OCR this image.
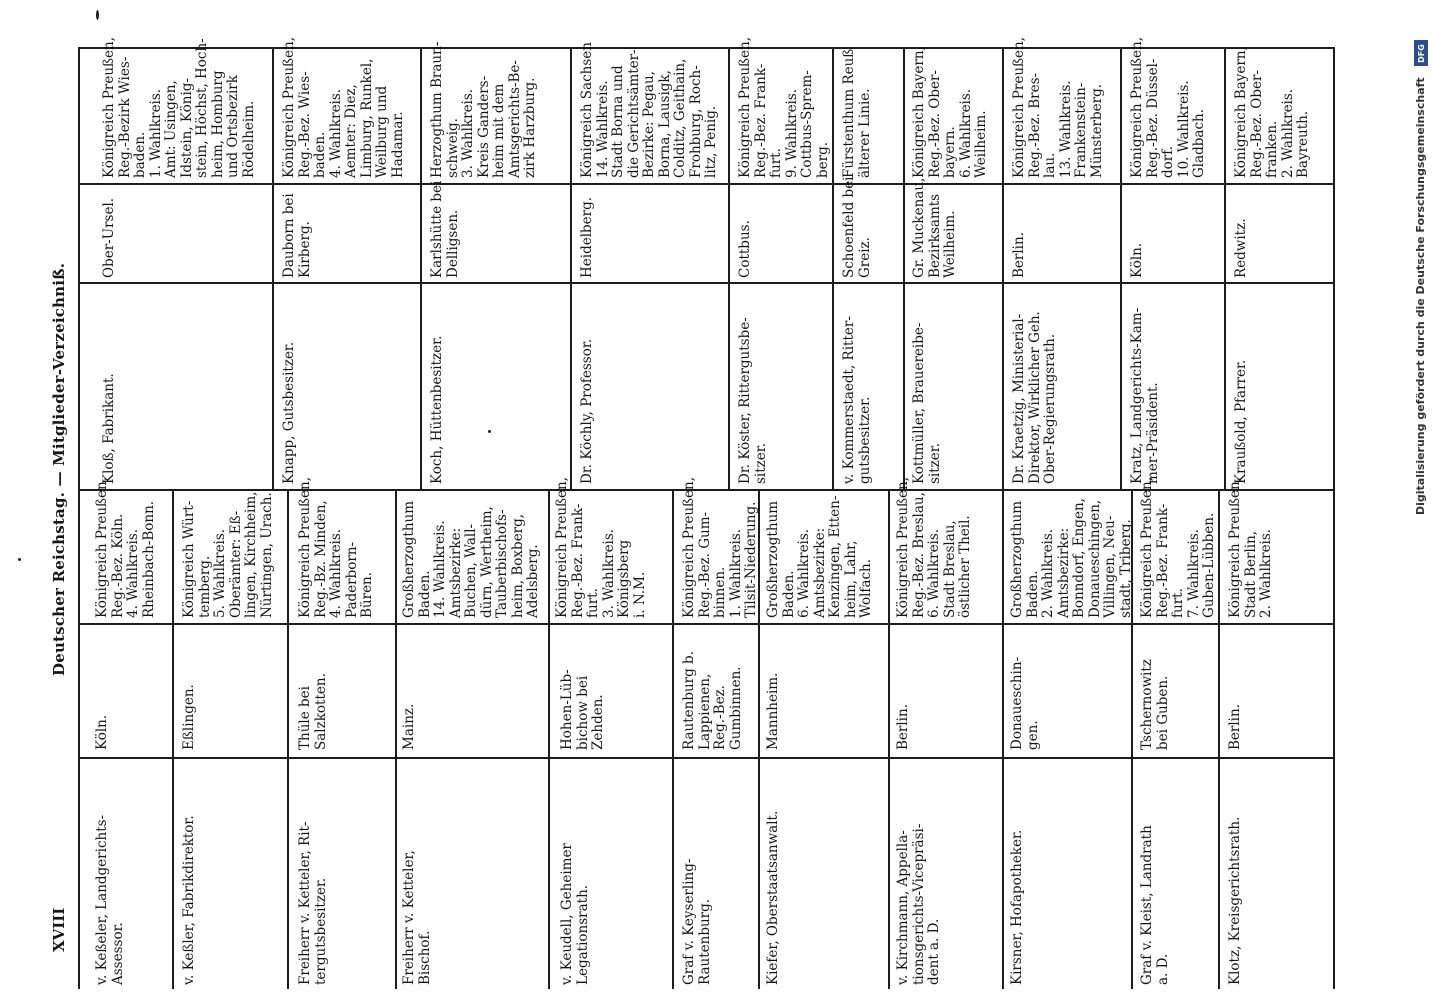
XVIII
Deutscher Reichstag. — Mitglieder-Verzeichniß.	Digitalisierung gefördert durch die Deutsche Forschungsgemeinschaft
DFG
v. Keßeler, Landgerichts-
Assessor.
Köln.
Königreich Preußen,
Reg.-Bez. Köln.
4. Wahlkreis.
Rheinbach-Bonn.
v. Keßler, Fabrikdirektor.
Eßlingen.
Königreich Würt-
temberg.
5. Wahlkreis.
Oberämter: Eß-
lingen, Kirchheim,
Nürtingen, Urach.
Freiherr v. Ketteler, Rit-
tergutsbesitzer.
Thüle bei
Salzkotten.
Königreich Preußen,
Reg.-Bz. Minden,
4. Wahlkreis.
Paderborn-
Büren.
Freiherr v. Ketteler,
Bischof.
Mainz.
Großherzogthum
Baden.
14. Wahlkreis.
Amtsbezirke:
Buchen, Wall-
dürn, Wertheim,
Tauberbischofs-
heim, Boxberg,
Adelsberg.
v. Keudell, Geheimer
Legationsrath.
Hohen-Lüb-
bichow bei
Zehden.
Königreich Preußen,
Reg.-Bez. Frank-
furt.
3. Wahlkreis.
Königsberg
i. N.M.
Graf v. Keyserling-
Rautenburg.
Rautenburg b.
Lappienen,
Reg.-Bez.
Gumbinnen.
Königreich Preußen,
Reg.-Bez. Gum-
binnen.
1. Wahlkreis.
Tilsit-Niederung.
Kiefer, Oberstaatsanwalt.
Mannheim.
Großherzogthum
Baden.
6. Wahlkreis.
Amtsbezirke:
Kenzingen, Etten-
heim, Lahr,
Wolfach.
v. Kirchmann, Appella-
tionsgerichts-Vicepräsi-
dent a. D.
Berlin.
Königreich Preußen,
Reg.-Bez. Breslau,
6. Wahlkreis.
Stadt Breslau,
östlicher Theil.
Kirsner, Hofapotheker.
Donaueschin-
gen.
Großherzogthum
Baden.
2. Wahlkreis.
Amtsbezirke:
Bonndorf, Engen,
Donaueschingen,
Villingen, Neu-
stadt, Triberg.
Graf v. Kleist, Landrath
a. D.
Tschernowitz
bei Guben.
Königreich Preußen,
Reg.-Bez. Frank-
furt.
7. Wahlkreis.
Guben-Lübben.
Klotz, Kreisgerichtsrath.
Berlin.
Königreich Preußen,
Stadt Berlin,
2. Wahlkreis.
Kloß, Fabrikant.
Ober-Ursel.
Königreich Preußen,
Reg.-Bezirk Wies-
baden.
1. Wahlkreis.
Amt: Usingen,
Idstein, König-
stein, Höchst, Hoch-
heim, Homburg
und Ortsbezirk
Rödelheim.
Knapp, Gutsbesitzer.
Dauborn bei
Kirberg.
Königreich Preußen,
Reg.-Bez. Wies-
baden.
4. Wahlkreis.
Aemter: Diez,
Limburg, Runkel,
Weilburg und
Hadamar.
Koch, Hüttenbesitzer.
Karlshütte bei
Delligsen.
Herzogthum Braun-
schweig.
3. Wahlkreis.
Kreis Ganders-
heim mit dem
Amtsgerichts-Be-
zirk Harzburg.
Dr. Köchly, Professor.
Heidelberg.
Königreich Sachsen
14. Wahlkreis.
Stadt Borna und
die Gerichtsämter-
Bezirke: Pegau,
Borna, Lausigk,
Colditz, Geithain,
Frohburg, Roch-
litz, Penig.
Dr. Köster, Rittergutsbe-
sitzer.
Cottbus.
Königreich Preußen,
Reg.-Bez. Frank-
furt.
9. Wahlkreis.
Cottbus-Sprem-
berg.
v. Kommerstaedt, Ritter-
gutsbesitzer.
Schoenfeld bei
Greiz.
Fürstenthum Reuß
älterer Linie.
Kottmüller, Brauereibe-
sitzer.
Gr. Muckenau,
Bezirksamts
Weilheim.
Königreich Bayern,
Reg.-Bez. Ober-
bayern.
6. Wahlkreis.
Weilheim.
Dr. Kraetzig, Ministerial-
Direktor, Wirklicher Geh.
Ober-Regierungsrath.
Berlin.
Königreich Preußen,
Reg.-Bez. Bres-
lau.
13. Wahlkreis.
Frankenstein-
Münsterberg.
Kratz, Landgerichts-Kam-
mer-Präsident.
Köln.
Königreich Preußen,
Reg.-Bez. Düssel-
dorf.
10. Wahlkreis.
Gladbach.
Kraußold, Pfarrer.
Redwitz.
Königreich Bayern,
Reg.-Bez. Ober-
franken.
2. Wahlkreis.
Bayreuth.
